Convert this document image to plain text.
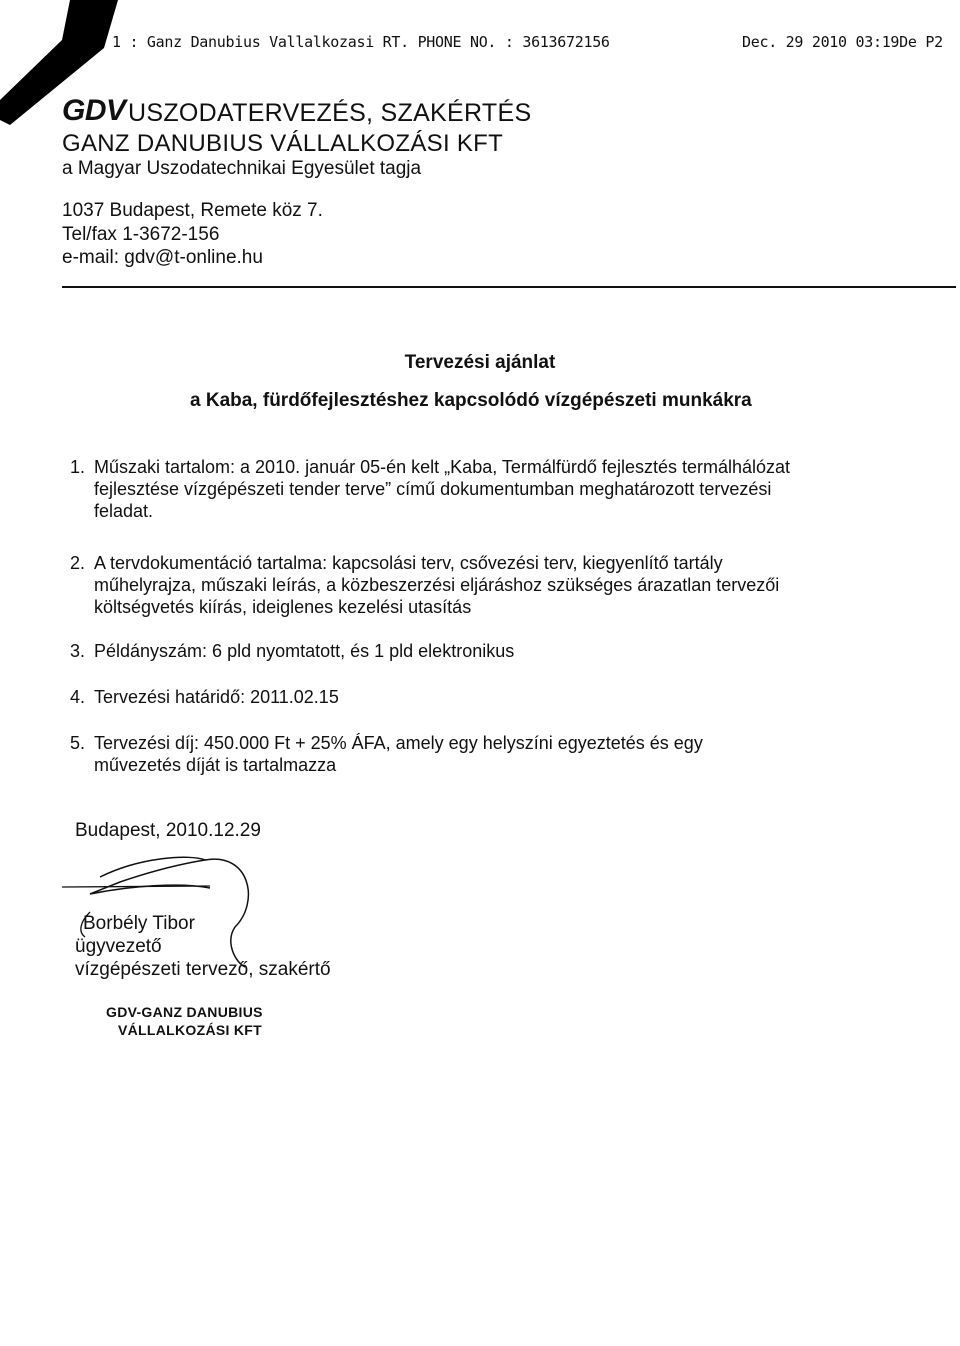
1 : Ganz Danubius Vallalkozasi RT. PHONE NO. : 3613672156	Dec. 29 2010 03:19De P2
GDV USZODATERVEZÉS, SZAKÉRTÉS
GANZ DANUBIUS VÁLLALKOZÁSI KFT
a Magyar Uszodatechnikai Egyesület tagja
1037 Budapest, Remete köz 7.
Tel/fax 1-3672-156
e-mail: gdv@t-online.hu
Tervezési ajánlat
a Kaba, fürdőfejlesztéshez kapcsolódó vízgépészeti munkákra
1. Műszaki tartalom: a 2010. január 05-én kelt „Kaba, Termálfürdő fejlesztés termálhálózat
fejlesztése vízgépészeti tender terve” című dokumentumban meghatározott tervezési
feladat.
2. A tervdokumentáció tartalma: kapcsolási terv, csővezési terv, kiegyenlítő tartály
műhelyrajza, műszaki leírás, a közbeszerzési eljáráshoz szükséges árazatlan tervezői
költségvetés kiírás, ideiglenes kezelési utasítás
3. Példányszám: 6 pld nyomtatott, és 1 pld elektronikus
4. Tervezési határidő: 2011.02.15
5. Tervezési díj: 450.000 Ft + 25% ÁFA, amely egy helyszíni egyeztetés és egy
művezetés díját is tartalmazza
Budapest, 2010.12.29
Borbély Tibor
ügyvezető
vízgépészeti tervező, szakértő
GDV-GANZ DANUBIUS
VÁLLALKOZÁSI KFT
